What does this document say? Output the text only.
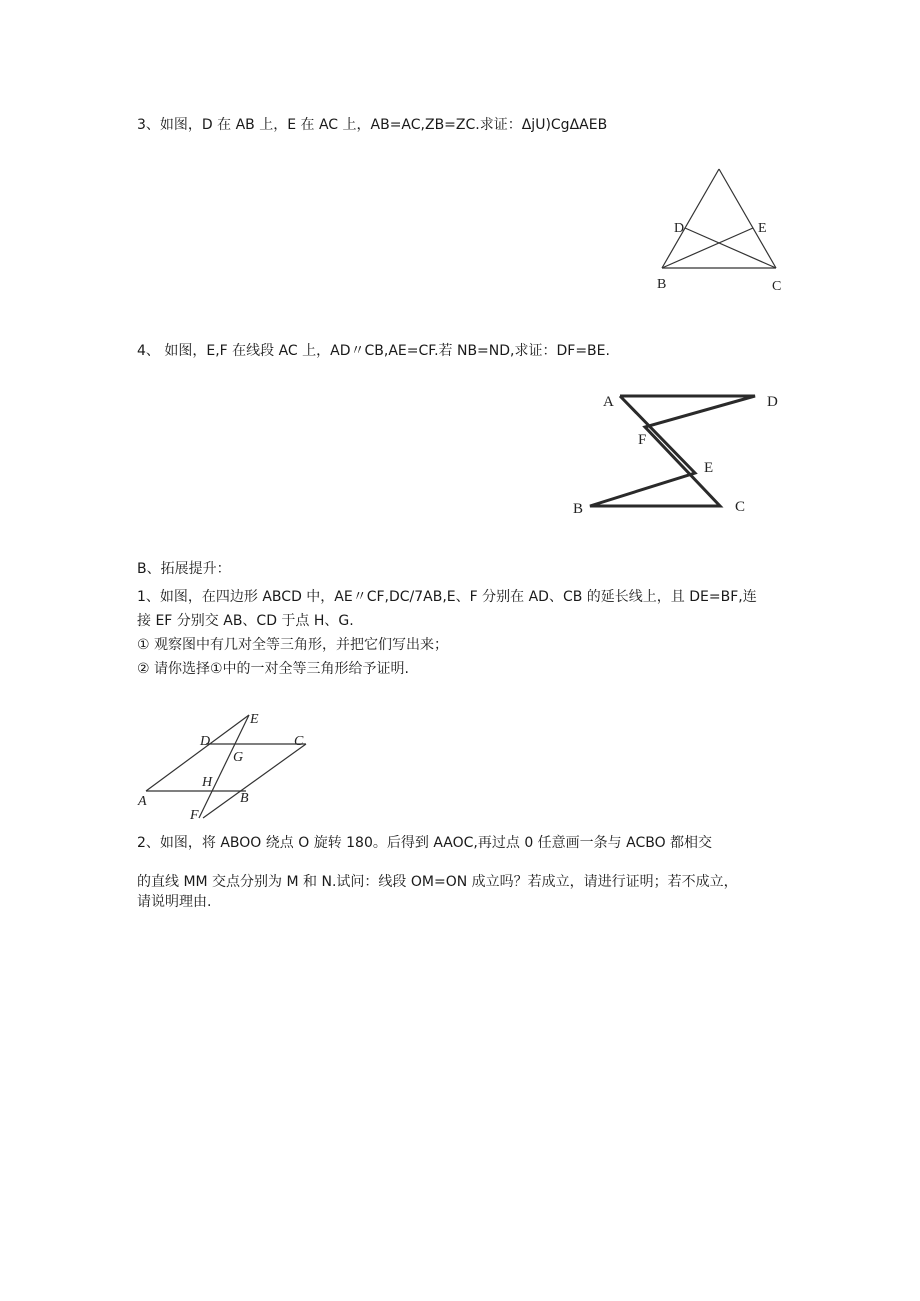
3、如图，D 在 AB 上，E 在 AC 上，AB=AC,ZB=ZC.求证：ΔjU)CgΔAEB
D	E
B	C
4、 如图，E,F 在线段 AC 上，AD〃CB,AE=CF.若 NB=ND,求证：DF=BE.
A	D
F
E
B	C
B、拓展提升：
1、如图，在四边形 ABCD 中，AE〃CF,DC/7AB,E、F 分别在 AD、CB 的延长线上，且 DE=BF,连
接 EF 分别交 AB、CD 于点 H、G.
① 观察图中有几对全等三角形，并把它们写出来；
② 请你选择①中的一对全等三角形给予证明.
E
D	C
G
H
A	B
F
2、如图，将 ABOO 绕点 O 旋转 180。后得到 AAOC,再过点 0 任意画一条与 ACBO 都相交
的直线 MM 交点分别为 M 和 N.试问：线段 OM=ON 成立吗？若成立，请进行证明；若不成立，
请说明理由.
